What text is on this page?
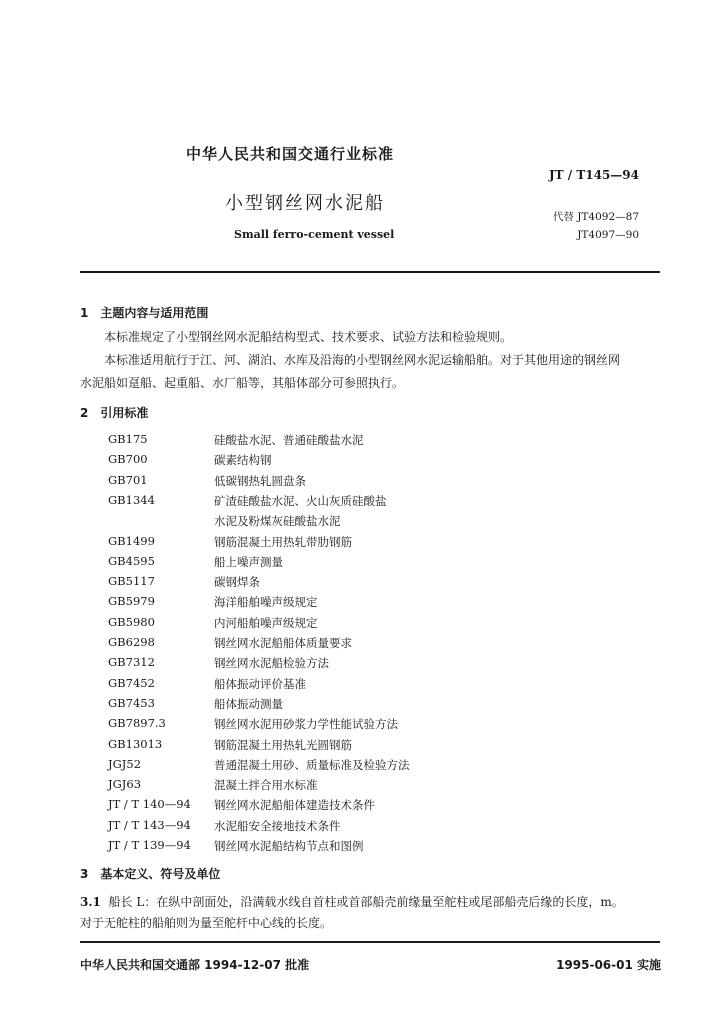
中华人民共和国交通行业标准
JT / T145—94
小型钢丝网水泥船
代替 JT4092—87
Small ferro-cement vessel	JT4097—90
1　主题内容与适用范围
本标准规定了小型钢丝网水泥船结构型式、技术要求、试验方法和检验规则。
本标准适用航行于江、河、湖泊、水库及沿海的小型钢丝网水泥运输船舶。对于其他用途的钢丝网
水泥船如趸船、起重船、水厂船等，其船体部分可参照执行。
2　引用标准
GB175	硅酸盐水泥、普通硅酸盐水泥
GB700	碳素结构钢
GB701	低碳钢热轧圆盘条
GB1344	矿渣硅酸盐水泥、火山灰质硅酸盐
水泥及粉煤灰硅酸盐水泥
GB1499	钢筋混凝土用热轧带肋钢筋
GB4595	船上噪声测量
GB5117	碳钢焊条
GB5979	海洋船舶噪声级规定
GB5980	内河船舶噪声级规定
GB6298	钢丝网水泥船船体质量要求
GB7312	钢丝网水泥船检验方法
GB7452	船体振动评价基准
GB7453	船体振动测量
GB7897.3	钢丝网水泥用砂浆力学性能试验方法
GB13013	钢筋混凝土用热轧光圆钢筋
JGJ52	普通混凝土用砂、质量标准及检验方法
JGJ63	混凝土拌合用水标准
JT / T 140—94 钢丝网水泥船船体建造技术条件
JT / T 143—94 水泥船安全接地技术条件
JT / T 139—94 钢丝网水泥船结构节点和图例
3　基本定义、符号及单位
3.1 船长 L：在纵中剖面处，沿满载水线自首柱或首部船壳前缘量至舵柱或尾部船壳后缘的长度，m。
对于无舵柱的船舶则为量至舵杆中心线的长度。
中华人民共和国交通部 1994-12-07 批准	1995-06-01 实施
